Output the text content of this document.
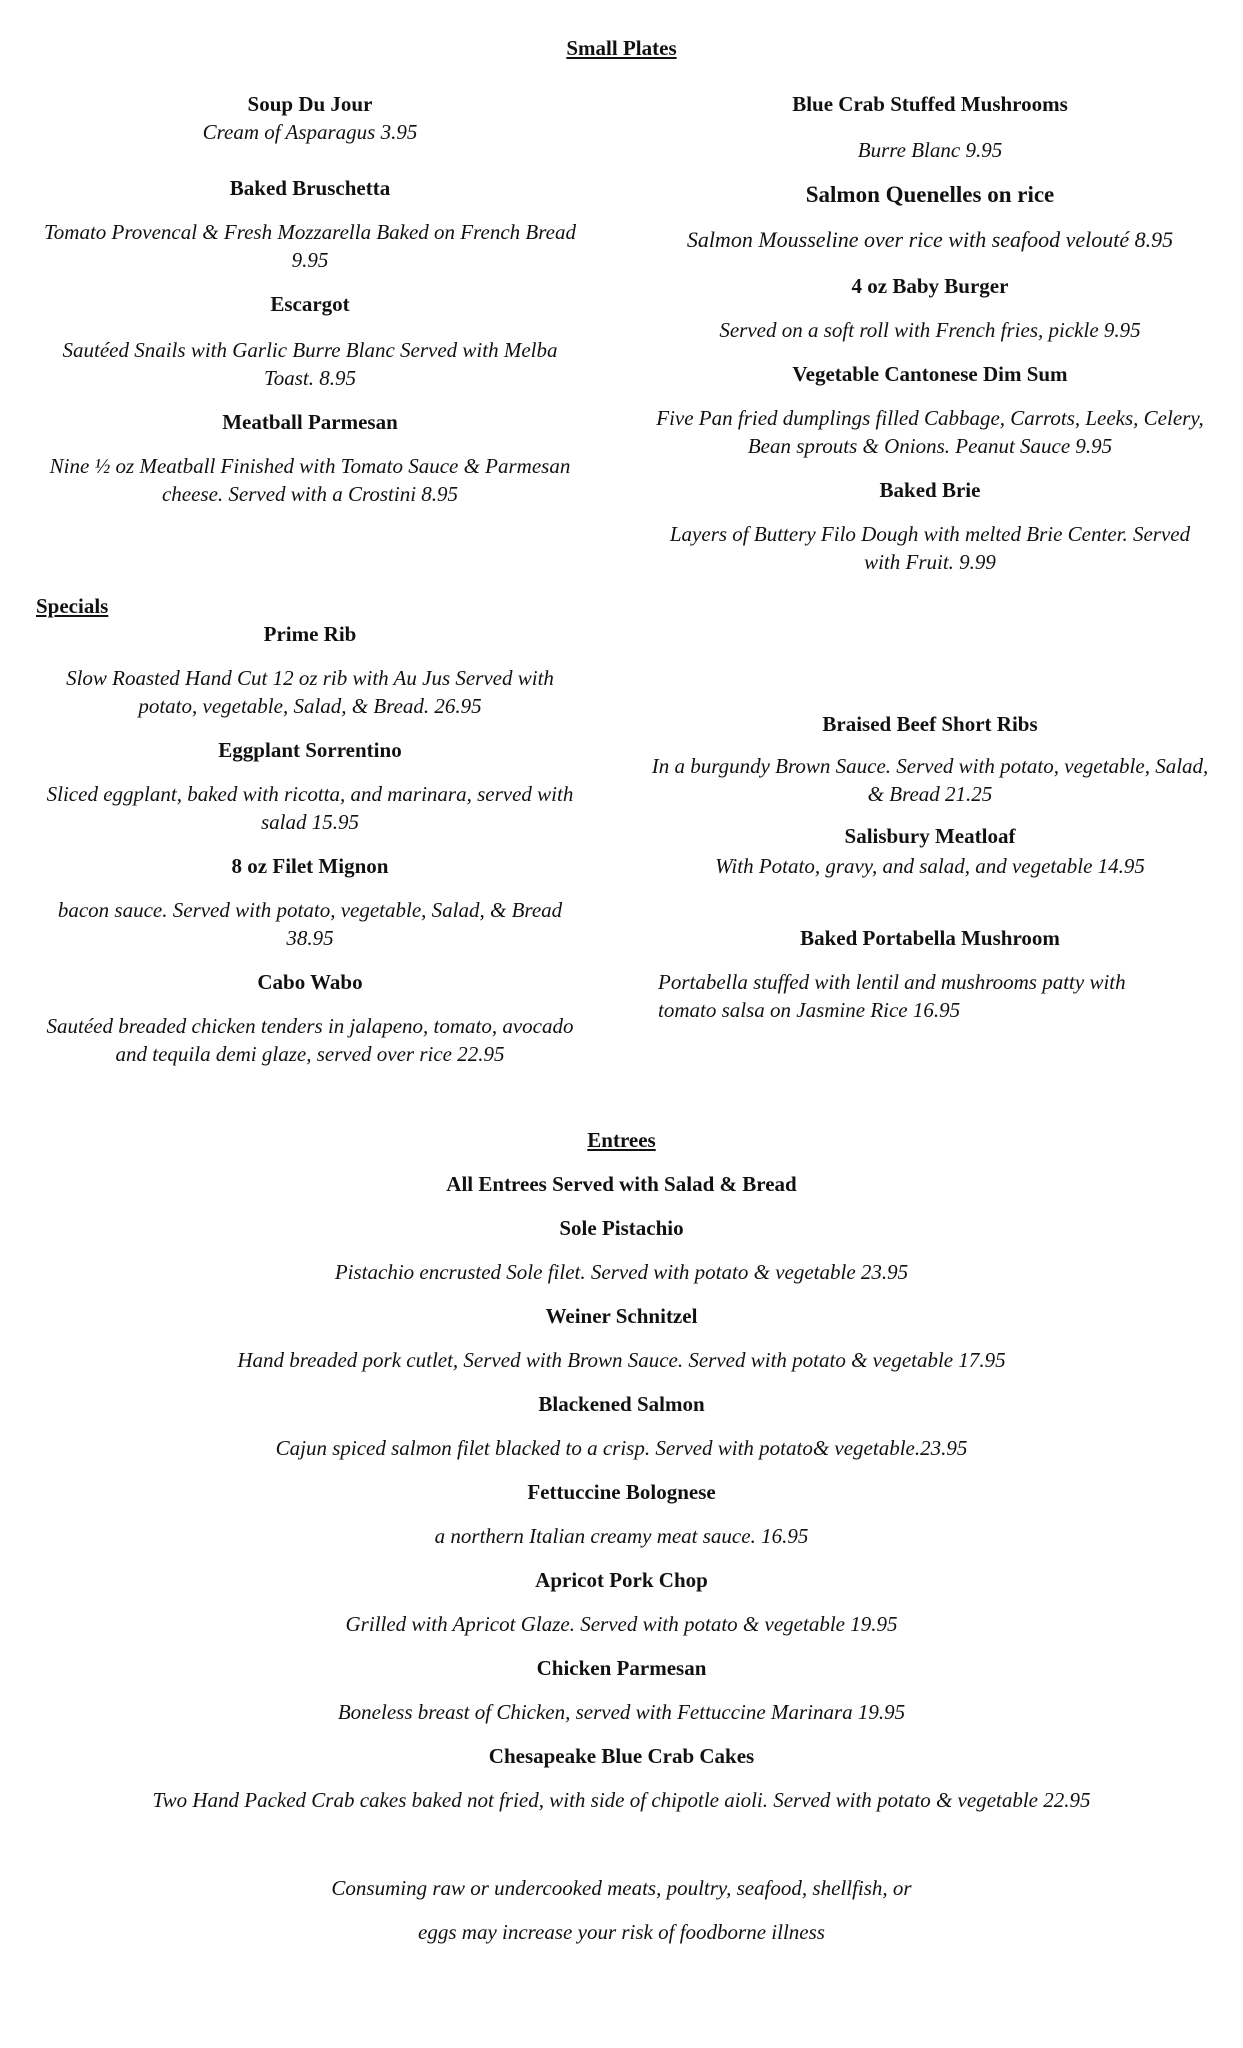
Small Plates
Soup Du Jour
Cream of Asparagus 3.95
Baked Bruschetta
Tomato Provencal & Fresh Mozzarella Baked on French Bread 9.95
Escargot
Sautéed Snails with Garlic Burre Blanc Served with Melba Toast. 8.95
Meatball Parmesan
Nine ½ oz Meatball Finished with Tomato Sauce & Parmesan cheese. Served with a Crostini 8.95
Blue Crab Stuffed Mushrooms
Burre Blanc 9.95
Salmon Quenelles on rice
Salmon Mousseline over rice with seafood velouté 8.95
4 oz Baby Burger
Served on a soft roll with French fries, pickle 9.95
Vegetable Cantonese Dim Sum
Five Pan fried dumplings filled Cabbage, Carrots, Leeks, Celery, Bean sprouts & Onions. Peanut Sauce 9.95
Baked Brie
Layers of Buttery Filo Dough with melted Brie Center. Served with Fruit. 9.99
Specials
Prime Rib
Slow Roasted Hand Cut 12 oz rib with Au Jus Served with potato, vegetable, Salad, & Bread. 26.95
Eggplant Sorrentino
Sliced eggplant, baked with ricotta, and marinara, served with salad 15.95
8 oz Filet Mignon
bacon sauce. Served with potato, vegetable, Salad, & Bread 38.95
Cabo Wabo
Sautéed breaded chicken tenders in jalapeno, tomato, avocado and tequila demi glaze, served over rice 22.95
Braised Beef Short Ribs
In a burgundy Brown Sauce. Served with potato, vegetable, Salad, & Bread 21.25
Salisbury Meatloaf
With Potato, gravy, and salad, and vegetable 14.95
Baked Portabella Mushroom
Portabella stuffed with lentil and mushrooms patty with tomato salsa on Jasmine Rice 16.95
Entrees
All Entrees Served with Salad & Bread
Sole Pistachio
Pistachio encrusted Sole filet. Served with potato & vegetable 23.95
Weiner Schnitzel
Hand breaded pork cutlet, Served with Brown Sauce. Served with potato & vegetable 17.95
Blackened Salmon
Cajun spiced salmon filet blacked to a crisp. Served with potato& vegetable.23.95
Fettuccine Bolognese
a northern Italian creamy meat sauce. 16.95
Apricot Pork Chop
Grilled with Apricot Glaze. Served with potato & vegetable 19.95
Chicken Parmesan
Boneless breast of Chicken, served with Fettuccine Marinara 19.95
Chesapeake Blue Crab Cakes
Two Hand Packed Crab cakes baked not fried, with side of chipotle aioli. Served with potato & vegetable 22.95
Consuming raw or undercooked meats, poultry, seafood, shellfish, or
eggs may increase your risk of foodborne illness
